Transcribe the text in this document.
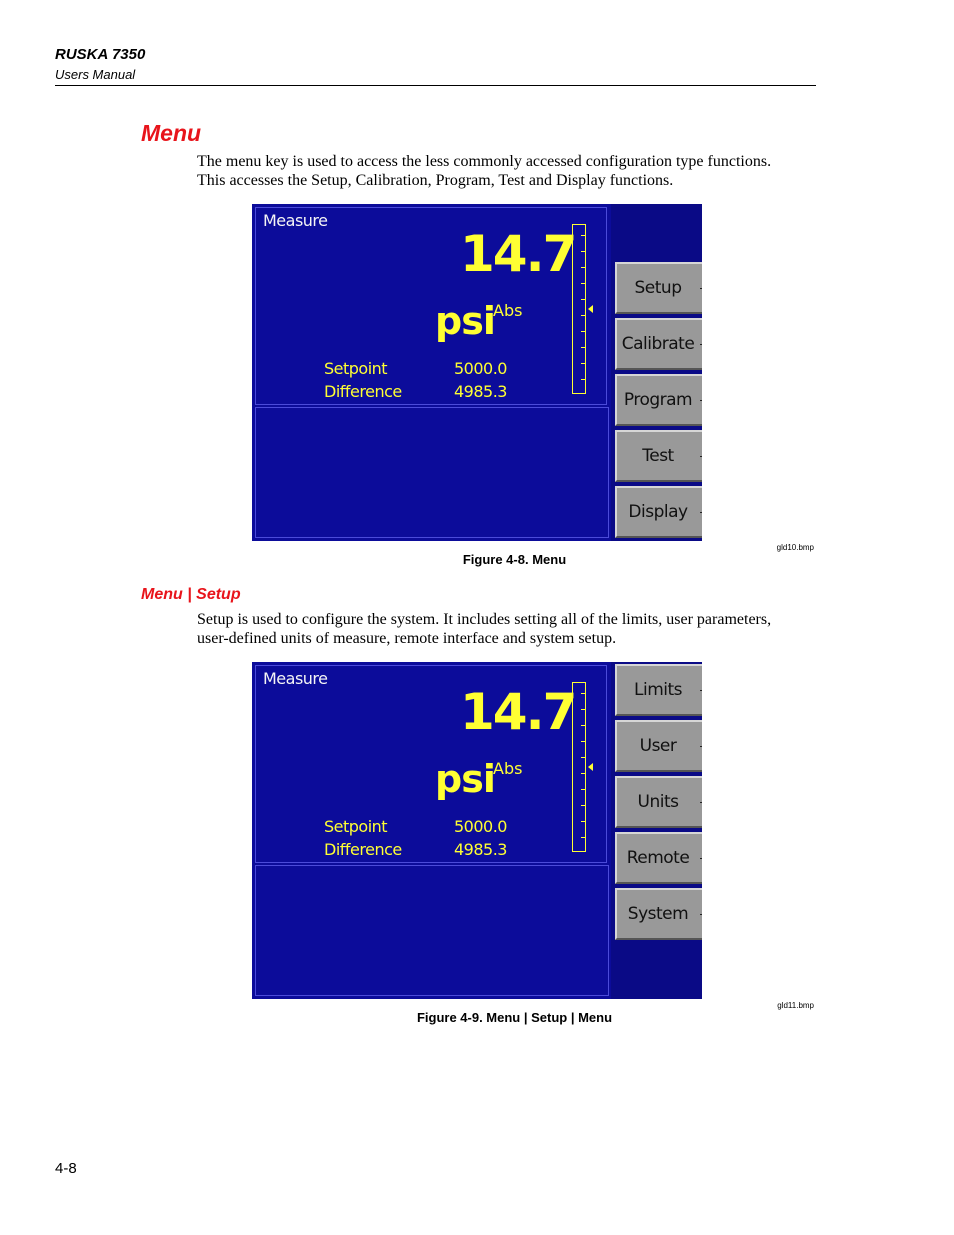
RUSKA 7350
Users Manual
Menu
The menu key is used to access the less commonly accessed configuration type functions.
This accesses the Setup, Calibration, Program, Test and Display functions.
Measure
14.7
psi
Abs
Setpoint	5000.0
Difference	4985.3
Setup
Calibrate
Program
Test
Display
gld10.bmp
Figure 4-8. Menu
Menu | Setup
Setup is used to configure the system. It includes setting all of the limits, user parameters,
user-defined units of measure, remote interface and system setup.
Measure
14.7
psi
Abs
Setpoint	5000.0
Difference	4985.3
Limits
User
Units
Remote
System
gld11.bmp
Figure 4-9. Menu | Setup | Menu
4-8
